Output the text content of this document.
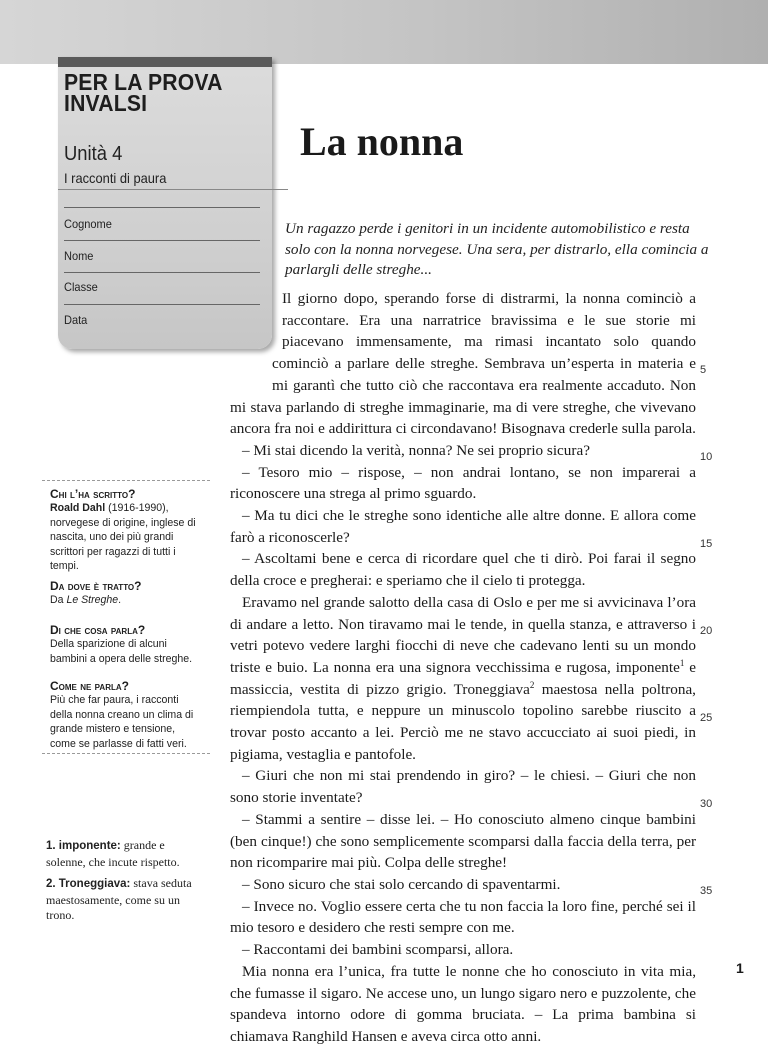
PER LA PROVA INVALSI
Unità 4
I racconti di paura
Cognome
Nome
Classe
Data
La nonna
Un ragazzo perde i genitori in un incidente automobilistico e resta solo con la nonna norvegese. Una sera, per distrarlo, ella comincia a parlargli delle streghe...

Il giorno dopo, sperando forse di distrarmi, la nonna cominciò a raccontare. Era una narratrice bravissima e le sue storie mi piacevano immensamente, ma rimasi incantato solo quando cominciò a parlare delle streghe. Sembrava un’esperta in materia e mi garantì che tutto ciò che raccontava era realmente accaduto. Non mi stava parlando di streghe immaginarie, ma di vere streghe, che vivevano ancora fra noi e addirittura ci circondavano! Bisognava crederle sulla parola.

– Mi stai dicendo la verità, nonna? Ne sei proprio sicura?

– Tesoro mio – rispose, – non andrai lontano, se non imparerai a riconoscere una strega al primo sguardo.

– Ma tu dici che le streghe sono identiche alle altre donne. E allora come farò a riconoscerle?

– Ascoltami bene e cerca di ricordare quel che ti dirò. Poi farai il segno della croce e pregherai: e speriamo che il cielo ti protegga.

Eravamo nel grande salotto della casa di Oslo e per me si avvicinava l’ora di andare a letto. Non tiravamo mai le tende, in quella stanza, e attraverso i vetri potevo vedere larghi fiocchi di neve che cadevano lenti su un mondo triste e buio. La nonna era una signora vecchissima e rugosa, imponente$^1$ e massiccia, vestita di pizzo grigio. Troneggiava$^2$ maestosa nella poltrona, riempiendola tutta, e neppure un minuscolo topolino sarebbe riuscito a trovar posto accanto a lei. Perciò me ne stavo accucciato ai suoi piedi, in pigiama, vestaglia e pantofole.

– Giuri che non mi stai prendendo in giro? – le chiesi. – Giuri che non sono storie inventate?

– Stammi a sentire – disse lei. – Ho conosciuto almeno cinque bambini (ben cinque!) che sono semplicemente scomparsi dalla faccia della terra, per non ricomparire mai più. Colpa delle streghe!

– Sono sicuro che stai solo cercando di spaventarmi.

– Invece no. Voglio essere certa che tu non faccia la loro fine, perché sei il mio tesoro e desidero che resti sempre con me.

– Raccontami dei bambini scomparsi, allora.

Mia nonna era l’unica, fra tutte le nonne che ho conosciuto in vita mia, che fumasse il sigaro. Ne accese uno, un lungo sigaro nero e puzzolente, che spandeva intorno odore di gomma bruciata. – La prima bambina si chiamava Ranghild Hansen e aveva circa otto anni.

5
10
15
20
25
30
35

Chi l’ha scritto?

Roald Dahl (1916-1990), norvegese di origine, inglese di nascita, uno dei più grandi scrittori per ragazzi di tutti i tempi.

Da dove è tratto?

Da Le Streghe.

Di che cosa parla?

Della sparizione di alcuni bambini a opera delle streghe.

Come ne parla?

Più che far paura, i racconti della nonna creano un clima di grande mistero e tensione, come se parlasse di fatti veri.

1. imponente: grande e solenne, che incute rispetto.

2. Troneggiava: stava seduta maestosamente, come su un trono.

1
